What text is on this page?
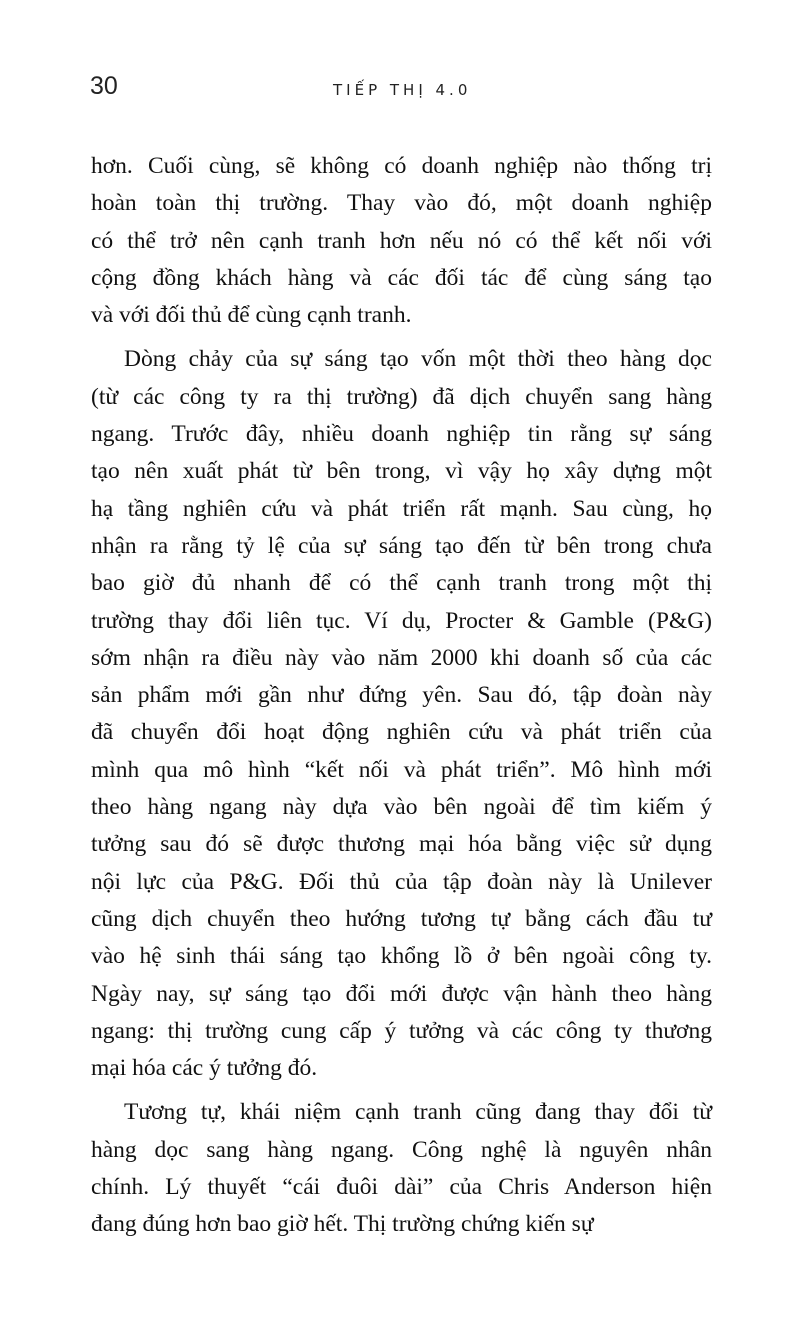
30	TIẾP THỊ 4.0
hơn. Cuối cùng, sẽ không có doanh nghiệp nào thống trị
hoàn toàn thị trường. Thay vào đó, một doanh nghiệp
có thể trở nên cạnh tranh hơn nếu nó có thể kết nối với
cộng đồng khách hàng và các đối tác để cùng sáng tạo
và với đối thủ để cùng cạnh tranh.
Dòng chảy của sự sáng tạo vốn một thời theo hàng dọc
(từ các công ty ra thị trường) đã dịch chuyển sang hàng
ngang. Trước đây, nhiều doanh nghiệp tin rằng sự sáng
tạo nên xuất phát từ bên trong, vì vậy họ xây dựng một
hạ tầng nghiên cứu và phát triển rất mạnh. Sau cùng, họ
nhận ra rằng tỷ lệ của sự sáng tạo đến từ bên trong chưa
bao giờ đủ nhanh để có thể cạnh tranh trong một thị
trường thay đổi liên tục. Ví dụ, Procter & Gamble (P&G)
sớm nhận ra điều này vào năm 2000 khi doanh số của các
sản phẩm mới gần như đứng yên. Sau đó, tập đoàn này
đã chuyển đổi hoạt động nghiên cứu và phát triển của
mình qua mô hình “kết nối và phát triển”. Mô hình mới
theo hàng ngang này dựa vào bên ngoài để tìm kiếm ý
tưởng sau đó sẽ được thương mại hóa bằng việc sử dụng
nội lực của P&G. Đối thủ của tập đoàn này là Unilever
cũng dịch chuyển theo hướng tương tự bằng cách đầu tư
vào hệ sinh thái sáng tạo khổng lồ ở bên ngoài công ty.
Ngày nay, sự sáng tạo đổi mới được vận hành theo hàng
ngang: thị trường cung cấp ý tưởng và các công ty thương
mại hóa các ý tưởng đó.
Tương tự, khái niệm cạnh tranh cũng đang thay đổi từ
hàng dọc sang hàng ngang. Công nghệ là nguyên nhân
chính. Lý thuyết “cái đuôi dài” của Chris Anderson hiện
đang đúng hơn bao giờ hết. Thị trường chứng kiến sự
